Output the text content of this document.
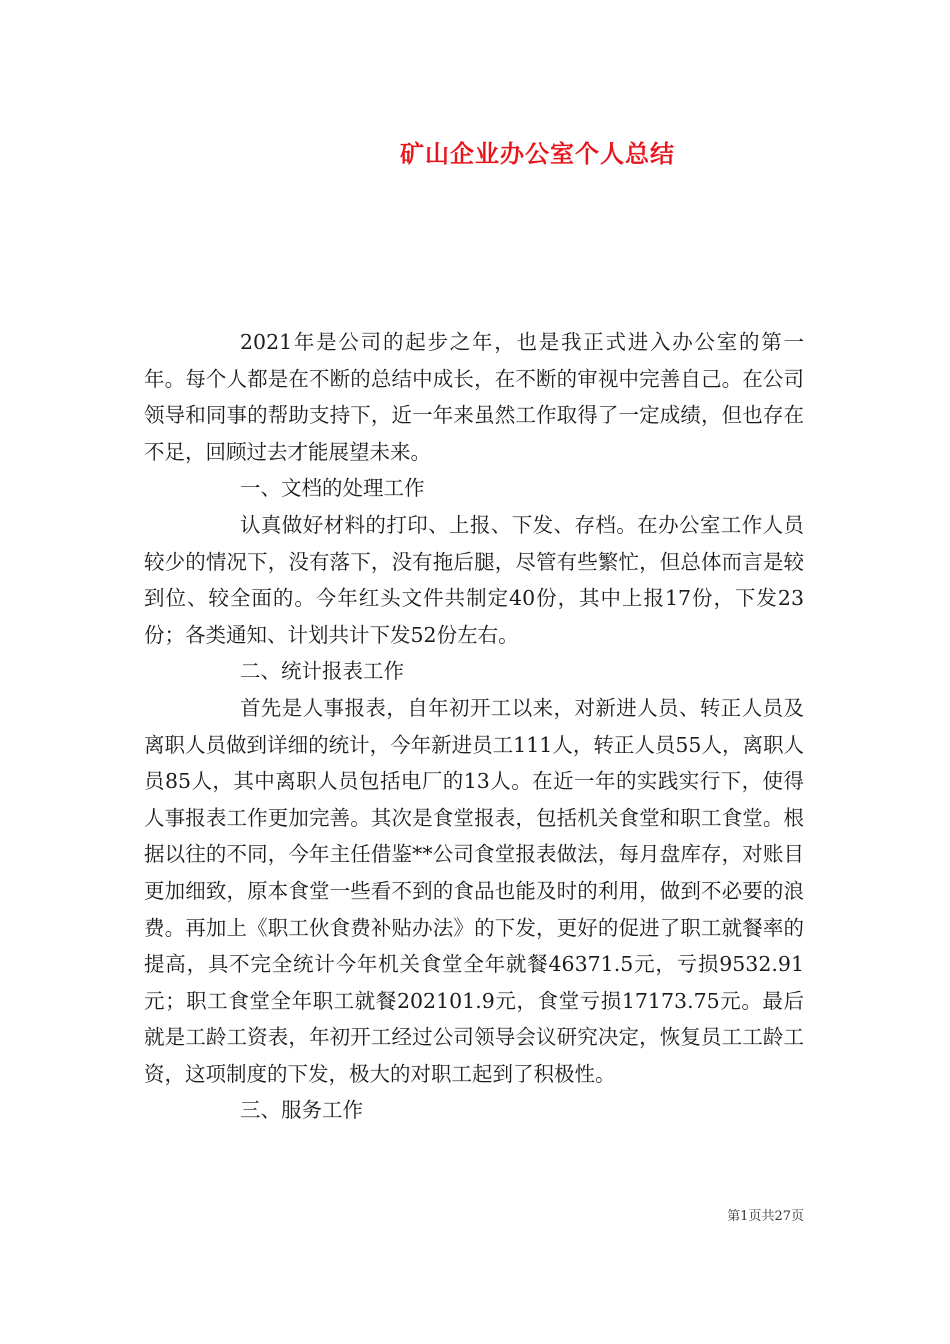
矿山企业办公室个人总结

2021年是公司的起步之年，也是我正式进入办公室的第一年。每个人都是在不断的总结中成长，在不断的审视中完善自己。在公司领导和同事的帮助支持下，近一年来虽然工作取得了一定成绩，但也存在不足，回顾过去才能展望未来。

一、文档的处理工作

认真做好材料的打印、上报、下发、存档。在办公室工作人员较少的情况下，没有落下，没有拖后腿，尽管有些繁忙，但总体而言是较到位、较全面的。今年红头文件共制定40份，其中上报17份，下发23份；各类通知、计划共计下发52份左右。

二、统计报表工作

首先是人事报表，自年初开工以来，对新进人员、转正人员及离职人员做到详细的统计，今年新进员工111人，转正人员55人，离职人员85人，其中离职人员包括电厂的13人。在近一年的实践实行下，使得人事报表工作更加完善。其次是食堂报表，包括机关食堂和职工食堂。根据以往的不同，今年主任借鉴**公司食堂报表做法，每月盘库存，对账目更加细致，原本食堂一些看不到的食品也能及时的利用，做到不必要的浪费。再加上《职工伙食费补贴办法》的下发，更好的促进了职工就餐率的提高，具不完全统计今年机关食堂全年就餐46371.5元，亏损9532.91元；职工食堂全年职工就餐202101.9元，食堂亏损17173.75元。最后就是工龄工资表，年初开工经过公司领导会议研究决定，恢复员工工龄工资，这项制度的下发，极大的对职工起到了积极性。

三、服务工作

第1页共27页
